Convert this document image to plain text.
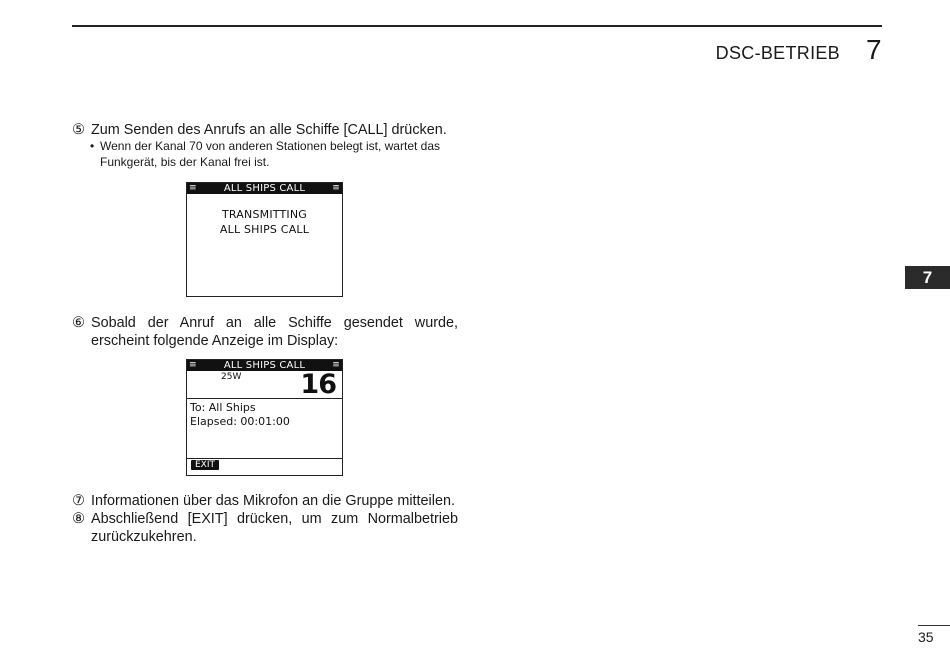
DSC-BETRIEB 7
⑤ Zum Senden des Anrufs an alle Schiffe [CALL] drücken.
• Wenn der Kanal 70 von anderen Stationen belegt ist, wartet das Funkgerät, bis der Kanal frei ist.
≡	ALL SHIPS CALL	≡
TRANSMITTING
ALL SHIPS CALL
⑥ Sobald der Anruf an alle Schiffe gesendet wurde, erscheint folgende Anzeige im Display:
≡	ALL SHIPS CALL	≡
25W 16
To: All Ships
Elapsed: 00:01:00
EXIT
⑦ Informationen über das Mikrofon an die Gruppe mitteilen.
⑧ Abschließend [EXIT] drücken, um zum Normalbetrieb zurückzukehren.
7
35
